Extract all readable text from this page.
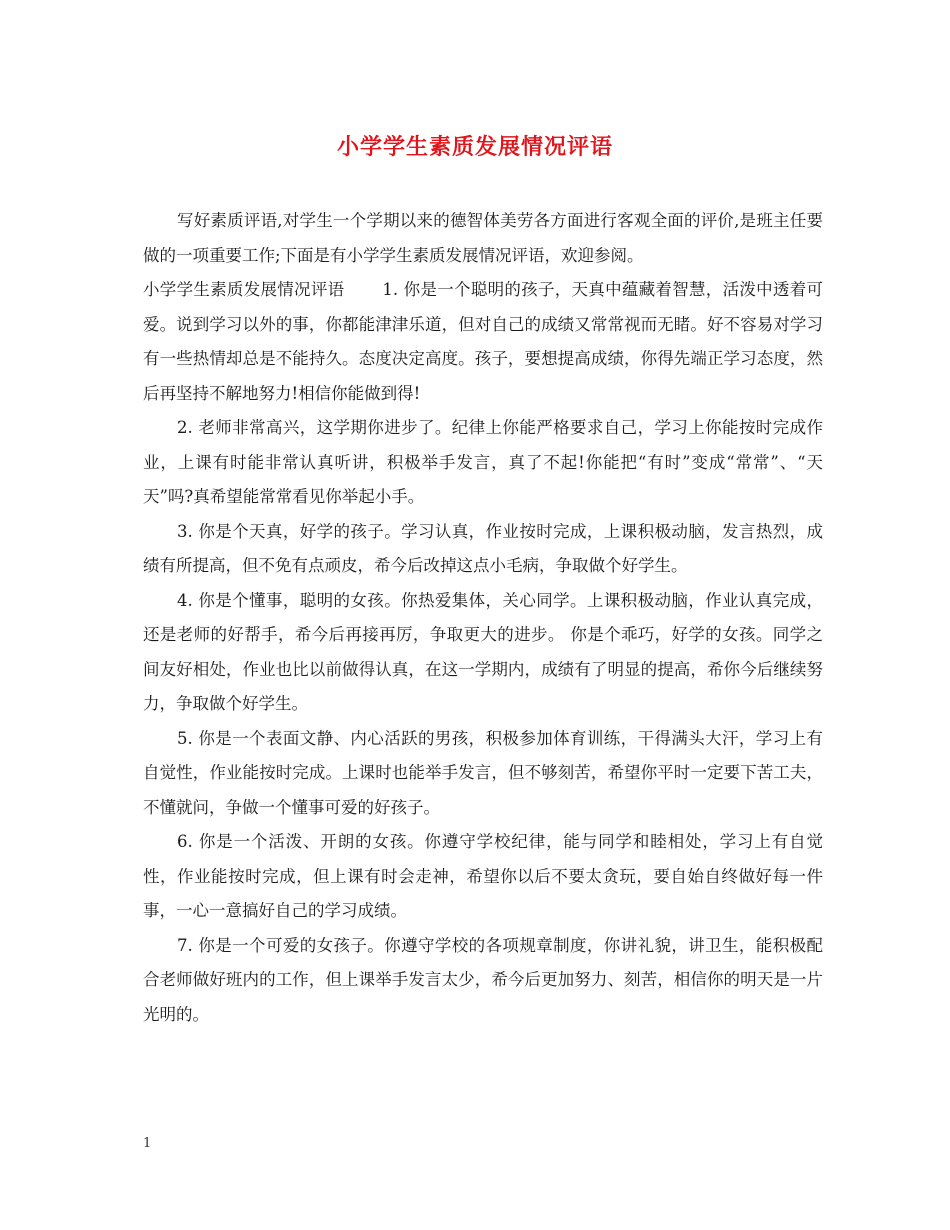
小学学生素质发展情况评语

写好素质评语,对学生一个学期以来的德智体美劳各方面进行客观全面的评价,是班主任要做的一项重要工作;下面是有小学学生素质发展情况评语，欢迎参阅。

小学学生素质发展情况评语 1. 你是一个聪明的孩子，天真中蕴藏着智慧，活泼中透着可爱。说到学习以外的事，你都能津津乐道，但对自己的成绩又常常视而无睹。好不容易对学习有一些热情却总是不能持久。态度决定高度。孩子，要想提高成绩，你得先端正学习态度，然后再坚持不解地努力!相信你能做到得!

2. 老师非常高兴，这学期你进步了。纪律上你能严格要求自己，学习上你能按时完成作业，上课有时能非常认真听讲，积极举手发言，真了不起!你能把“有时”变成“常常”、“天天”吗?真希望能常常看见你举起小手。

3. 你是个天真，好学的孩子。学习认真，作业按时完成，上课积极动脑，发言热烈，成绩有所提高，但不免有点顽皮，希今后改掉这点小毛病，争取做个好学生。

4. 你是个懂事，聪明的女孩。你热爱集体，关心同学。上课积极动脑，作业认真完成，还是老师的好帮手，希今后再接再厉，争取更大的进步。 你是个乖巧，好学的女孩。同学之间友好相处，作业也比以前做得认真，在这一学期内，成绩有了明显的提高，希你今后继续努力，争取做个好学生。

5. 你是一个表面文静、内心活跃的男孩，积极参加体育训练，干得满头大汗，学习上有自觉性，作业能按时完成。上课时也能举手发言，但不够刻苦，希望你平时一定要下苦工夫，不懂就问，争做一个懂事可爱的好孩子。

6. 你是一个活泼、开朗的女孩。你遵守学校纪律，能与同学和睦相处，学习上有自觉性，作业能按时完成，但上课有时会走神，希望你以后不要太贪玩，要自始自终做好每一件事，一心一意搞好自己的学习成绩。

7. 你是一个可爱的女孩子。你遵守学校的各项规章制度，你讲礼貌，讲卫生，能积极配合老师做好班内的工作，但上课举手发言太少，希今后更加努力、刻苦，相信你的明天是一片光明的。

1
